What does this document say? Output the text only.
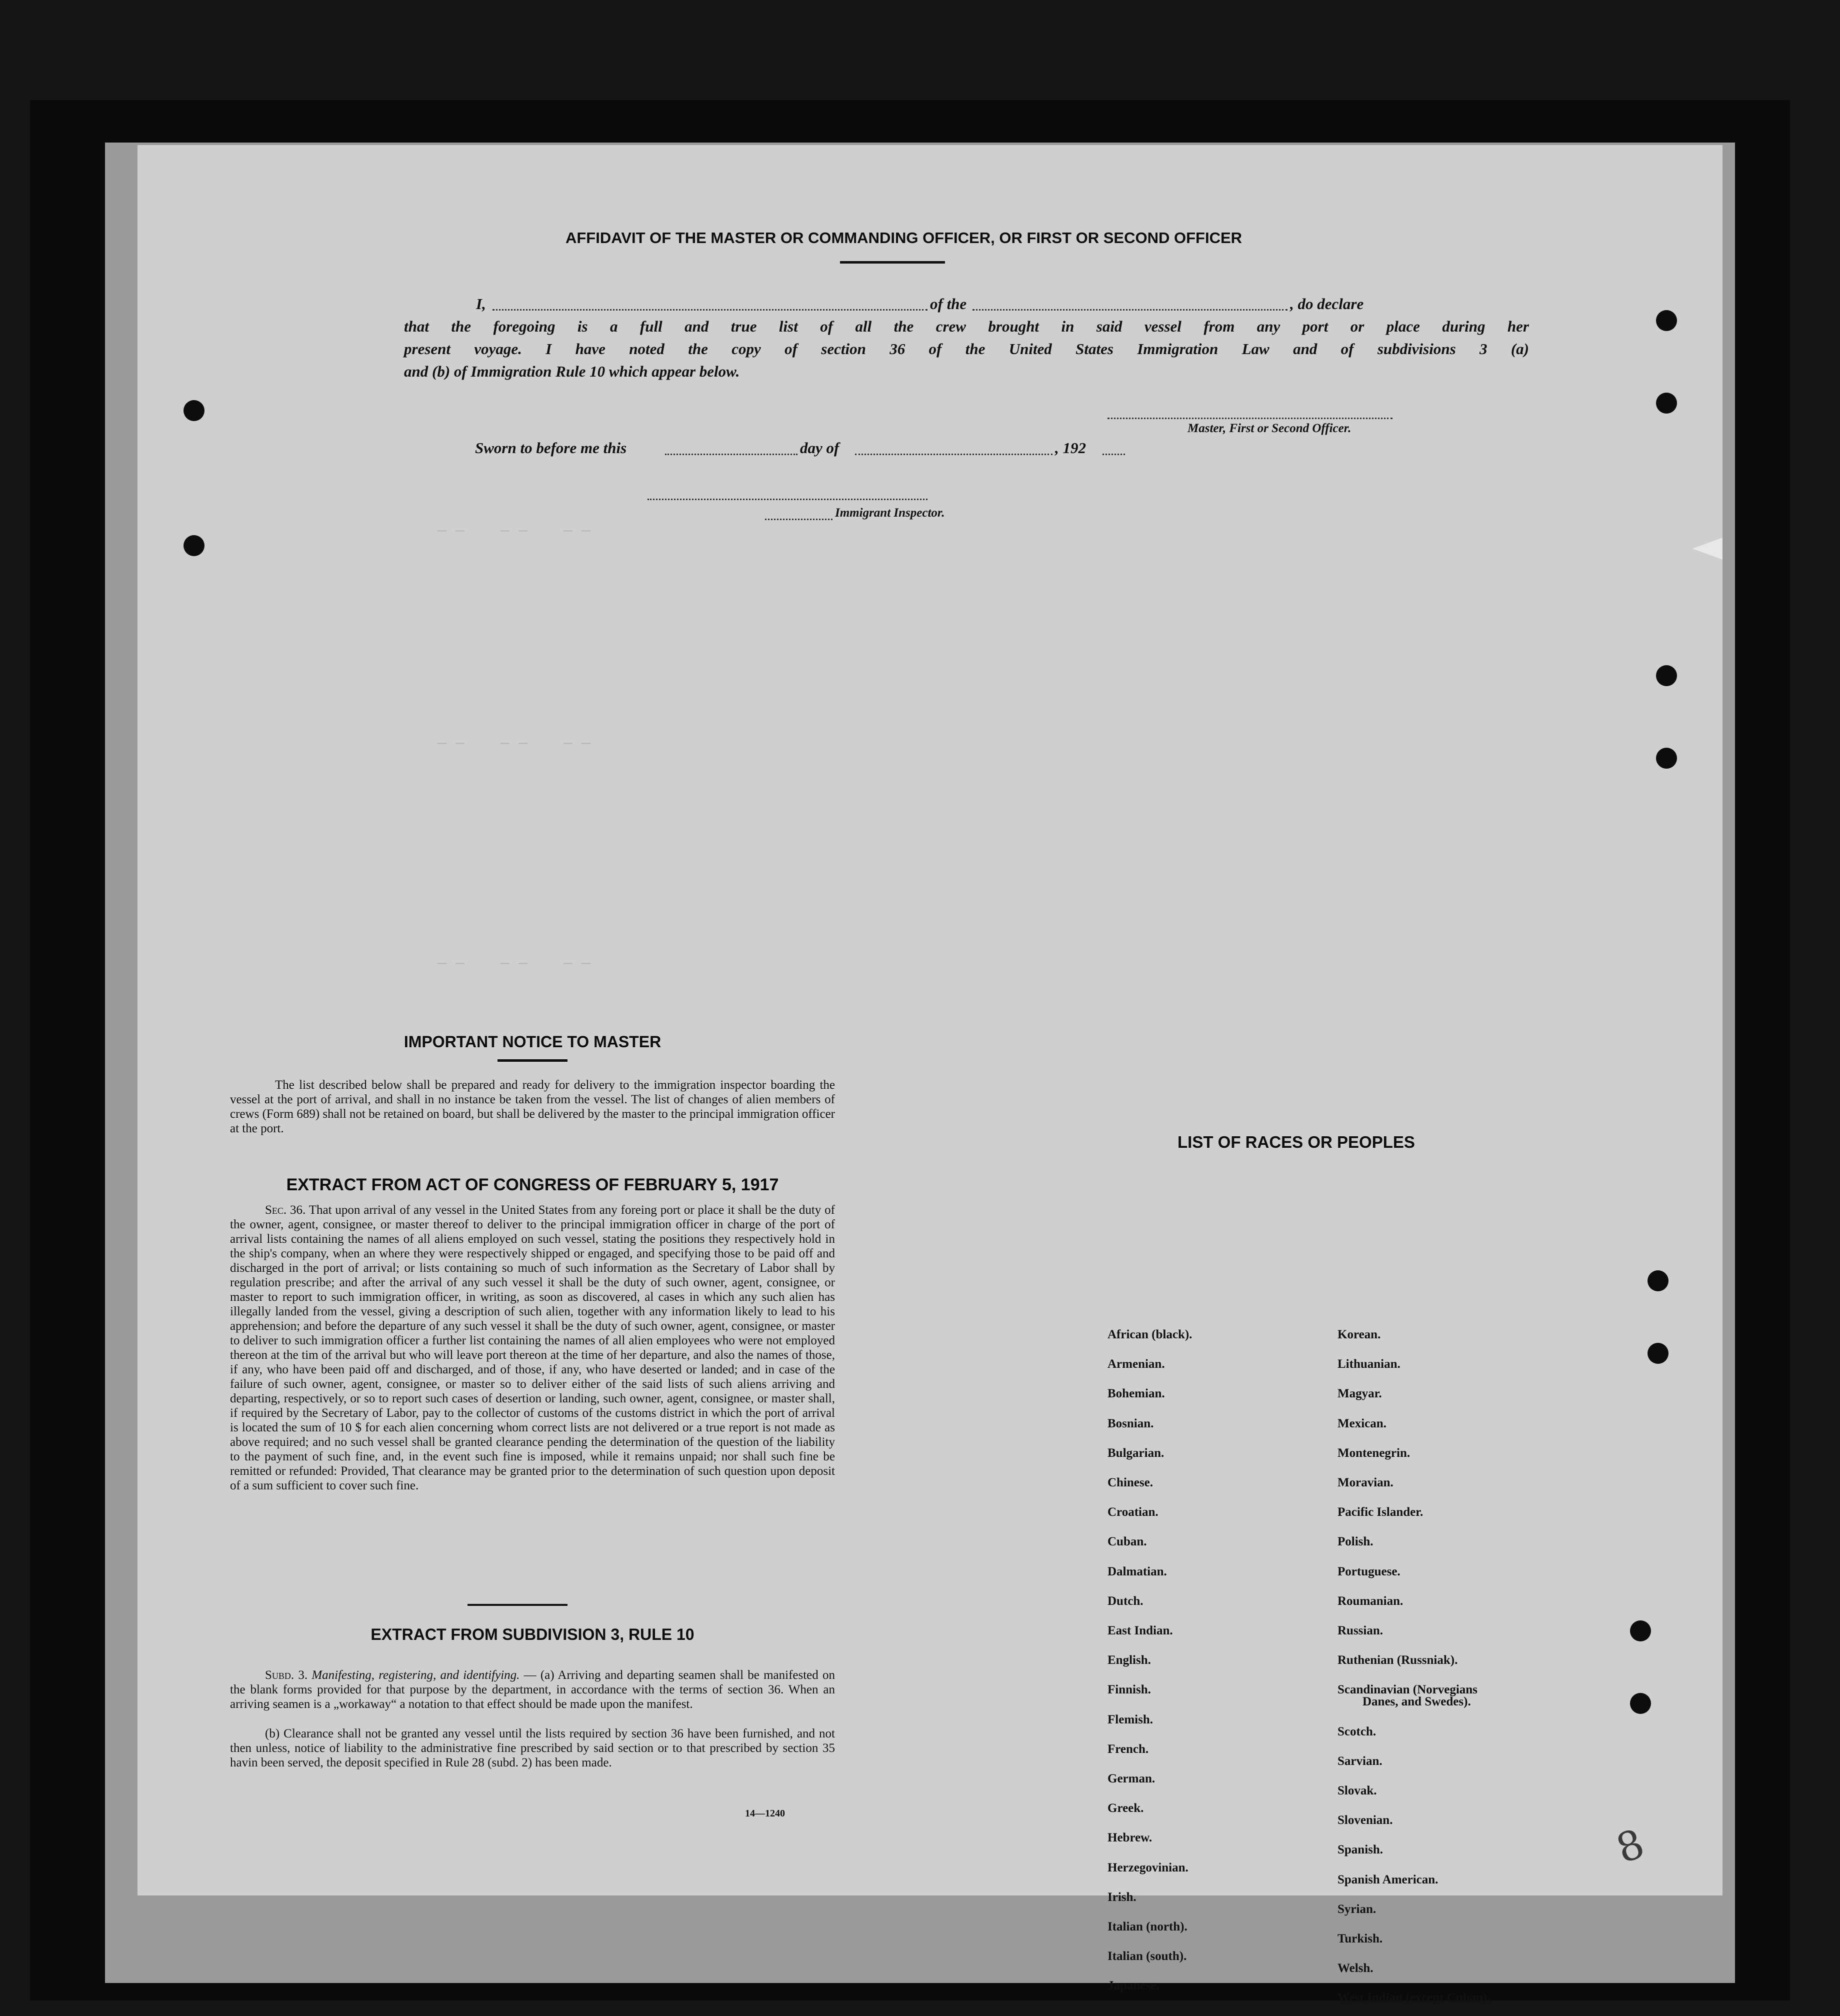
— —    — —    — —
— —    — —    — —
— —    — —    — —
AFFIDAVIT OF THE MASTER OR COMMANDING OFFICER, OR FIRST OR SECOND OFFICER
I,	of the	, do declare
that the foregoing is a full and true list of all the crew brought in said vessel from any port or place during her
present voyage. I have noted the copy of section 36 of the United States Immigration Law and of subdivisions 3 (a)
and (b) of Immigration Rule 10 which appear below.
Master, First or Second Officer.
Sworn to before me this	day of	, 192
Immigrant Inspector.
IMPORTANT NOTICE TO MASTER
The list described below shall be prepared and ready for delivery to the immigration inspector boarding the vessel at the port of arrival, and shall in no instance be taken from the vessel. The list of changes of alien members of crews (Form 689) shall not be retained on board, but shall be delivered by the master to the principal immigration officer at the port.
EXTRACT FROM ACT OF CONGRESS OF FEBRUARY 5, 1917
Sec. 36. That upon arrival of any vessel in the United States from any foreing port or place it shall be the duty of the owner, agent, consignee, or master thereof to deliver to the principal immigration officer in charge of the port of arrival lists containing the names of all aliens employed on such vessel, stating the positions they respectively hold in the ship's company, when an where they were respectively shipped or engaged, and specifying those to be paid off and discharged in the port of arrival; or lists containing so much of such information as the Secretary of Labor shall by regulation prescribe; and after the arrival of any such vessel it shall be the duty of such owner, agent, consignee, or master to report to such immigration officer, in writing, as soon as discovered, al cases in which any such alien has illegally landed from the vessel, giving a description of such alien, together with any information likely to lead to his apprehension; and before the departure of any such vessel it shall be the duty of such owner, agent, consignee, or master to deliver to such immigration officer a further list containing the names of all alien employees who were not employed thereon at the tim of the arrival but who will leave port thereon at the time of her departure, and also the names of those, if any, who have been paid off and discharged, and of those, if any, who have deserted or landed; and in case of the failure of such owner, agent, consignee, or master so to deliver either of the said lists of such aliens arriving and departing, respectively, or so to report such cases of desertion or landing, such owner, agent, consignee, or master shall, if required by the Secretary of Labor, pay to the collector of customs of the customs district in which the port of arrival is located the sum of 10 $ for each alien concerning whom correct lists are not delivered or a true report is not made as above required; and no such vessel shall be granted clearance pending the determination of the question of the liability to the payment of such fine, and, in the event such fine is imposed, while it remains unpaid; nor shall such fine be remitted or refunded: Provided, That clearance may be granted prior to the determination of such question upon deposit of a sum sufficient to cover such fine.
EXTRACT FROM SUBDIVISION 3, RULE 10
Subd. 3. Manifesting, registering, and identifying. — (a) Arriving and departing seamen shall be manifested on the blank forms provided for that purpose by the department, in accordance with the terms of section 36. When an arriving seamen is a „workaway“ a notation to that effect should be made upon the manifest.
(b) Clearance shall not be granted any vessel until the lists required by section 36 have been furnished, and not then unless, notice of liability to the administrative fine prescribed by said section or to that prescribed by section 35 havin been served, the deposit specified in Rule 28 (subd. 2) has been made.
14—1240
LIST OF RACES OR PEOPLES
African (black).
Armenian.
Bohemian.
Bosnian.
Bulgarian.
Chinese.
Croatian.
Cuban.
Dalmatian.
Dutch.
East Indian.
English.
Finnish.
Flemish.
French.
German.
Greek.
Hebrew.
Herzegovinian.
Irish.
Italian (north).
Italian (south).
Japanese.
Korean.
Lithuanian.
Magyar.
Mexican.
Montenegrin.
Moravian.
Pacific Islander.
Polish.
Portuguese.
Roumanian.
Russian.
Ruthenian (Russniak).
Scandinavian (Norvegians
Danes, and Swedes).
Scotch.
Sarvian.
Slovak.
Slovenian.
Spanish.
Spanish American.
Syrian.
Turkish.
Welsh.
West Indian (except Cuban).
8
